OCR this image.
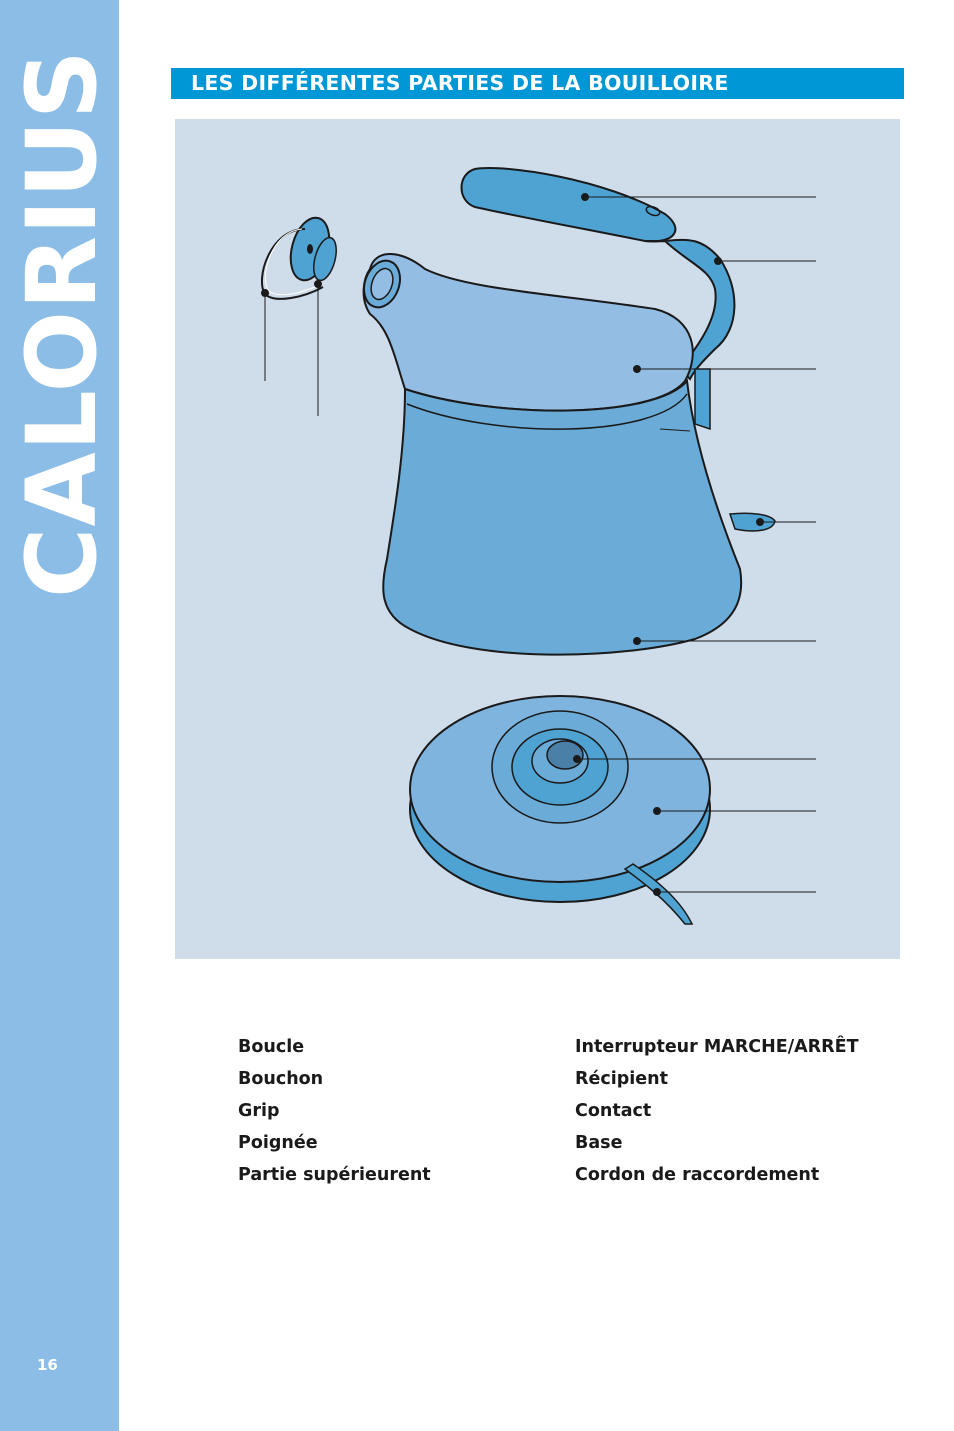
CALORIUS
16
LES DIFFÉRENTES PARTIES DE LA BOUILLOIRE
Boucle
Bouchon
Grip
Poignée
Partie supérieurent
Interrupteur MARCHE/ARRÊT
Récipient
Contact
Base
Cordon de raccordement
